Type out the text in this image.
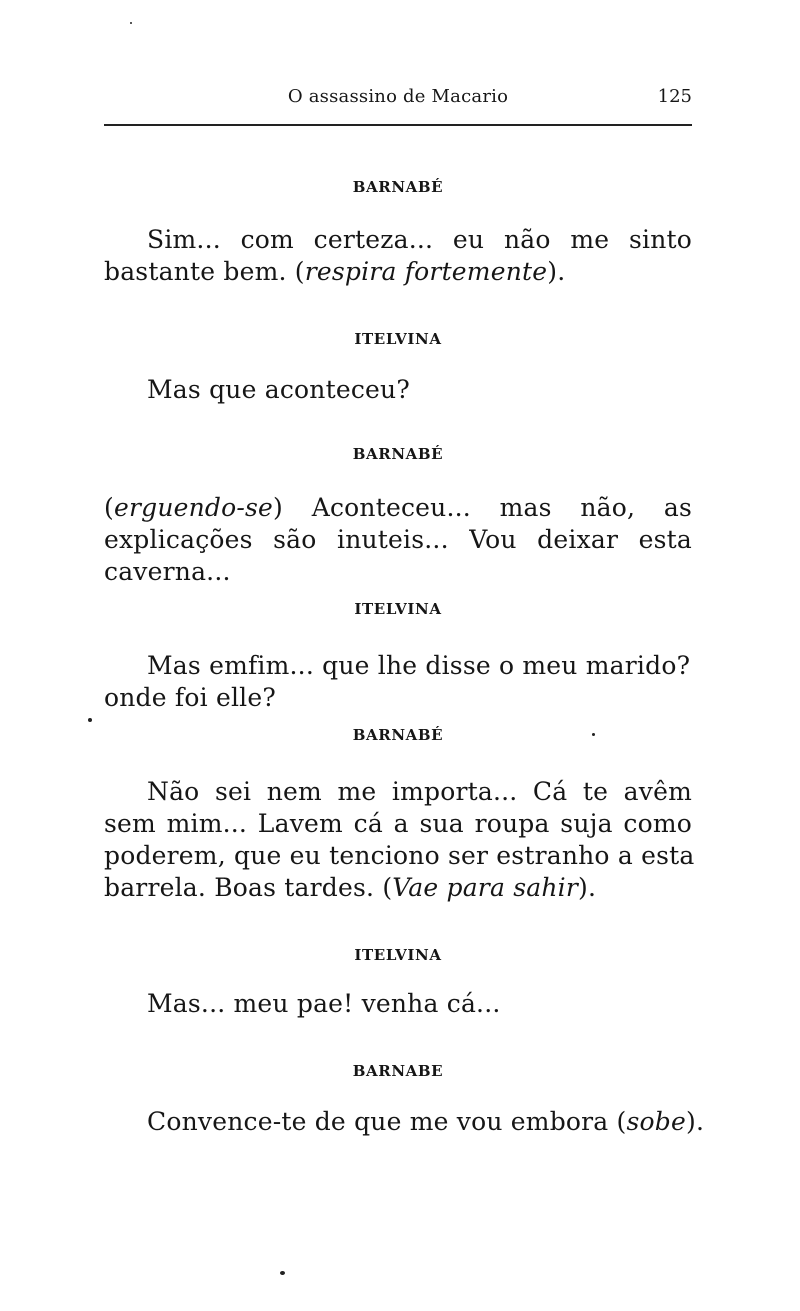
O assassino de Macario	125
BARNABÉ
Sim... com certeza... eu não me sinto
bastante bem. (respira fortemente).
ITELVINA
Mas que aconteceu?
BARNABÉ
(erguendo-se) Aconteceu... mas não, as
explicações são inuteis... Vou deixar esta
caverna...
ITELVINA
Mas emfim... que lhe disse o meu marido?
onde foi elle?
BARNABÉ
Não sei nem me importa... Cá te avêm
sem mim... Lavem cá a sua roupa suja como
poderem, que eu tenciono ser estranho a esta
barrela. Boas tardes. (Vae para sahir).
ITELVINA
Mas... meu pae! venha cá...
BARNABE
Convence-te de que me vou embora (sobe).
